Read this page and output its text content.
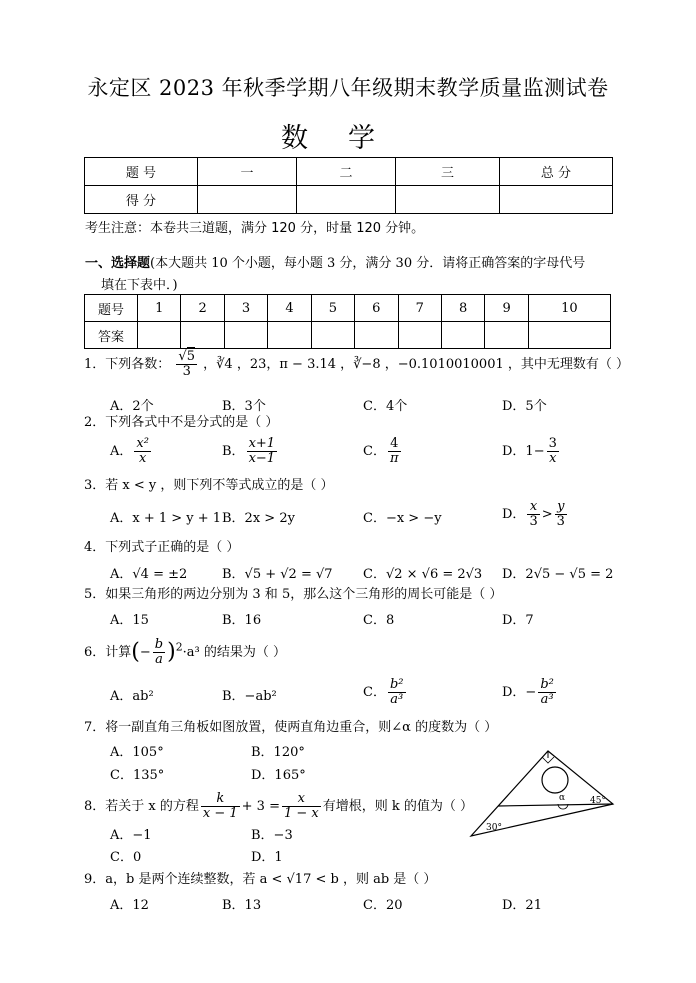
永定区 2023 年秋季学期八年级期末教学质量监测试卷
数学
题 号	一	二	三	总 分
得 分				
考生注意：本卷共三道题，满分 120 分，时量 120 分钟。
一、选择题(本大题共 10 个小题，每小题 3 分，满分 30 分．请将正确答案的字母代号
填在下表中．)
题号	1	2	3	4	5	6	7	8	9	10
答案										
1．下列各数： $\frac{√5}{3}$ ，∛4 ，23，π − 3.14 ，∛−8 ，−0.1010010001 ，其中无理数有（ ）
A．2个	B．3个	C．4个	D．5个
2．下列各式中不是分式的是（ ）
A． $\frac{\text{x²}}{x}$	B． $\frac{x+1}{x-1}$	C． $\frac{4}{\pi}$	D．$1- \frac{3}{x}$
3．若 x < y ，则下列不等式成立的是（ ）
A．x + 1 > y + 1 B．2x > 2y	C．−x > −y	D． $\frac{x}{3} > \frac{y}{3}$
4．下列式子正确的是（ ）
A．√4 = ±2	B．√5 + √2 = √7 C．√2 × √6 = 2√3 D．2√5 − √5 = 2
5．如果三角形的两边分别为 3 和 5，那么这个三角形的周长可能是（ ）
A．15	B．16	C．8	D．7
6．计算(− $\frac{b}{a} )^2\cdot a^3$ 的结果为（ ）
A．ab²	B．−ab²	C． $\frac{\text{b²}}{\text{a³}}$	D．− $\frac{\text{b²}}{\text{a³}}$
7．将一副直角三角板如图放置，使两直角边重合，则∠α 的度数为（ ）
A．105°	B．120°
C．135°	D．165°
α	45°
30°
8．若关于 x 的方程 $\frac{k}{x - 1} + 3 = \frac{x}{1 - x}$ 有增根，则 k 的值为（ ）
A．−1	B．−3
C．0	D．1
9．a，b 是两个连续整数，若 a < √17 < b ，则 ab 是（ ）
A．12	B．13	C．20	D．21
